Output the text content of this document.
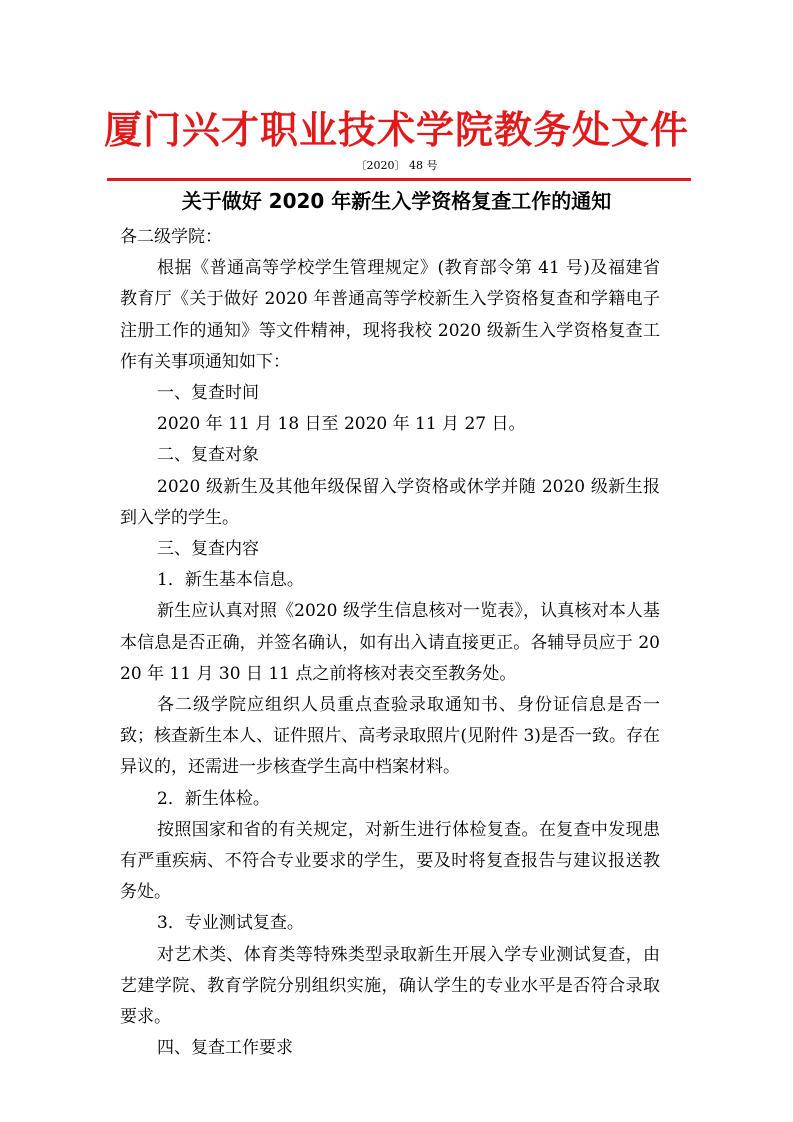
厦门兴才职业技术学院教务处文件
〔2020〕 48 号
关于做好 2020 年新生入学资格复查工作的通知

各二级学院：

根据《普通高等学校学生管理规定》(教育部令第 41 号)及福建省教育厅《关于做好 2020 年普通高等学校新生入学资格复查和学籍电子注册工作的通知》等文件精神，现将我校 2020 级新生入学资格复查工作有关事项通知如下：

一、复查时间

2020 年 11 月 18 日至 2020 年 11 月 27 日。

二、复查对象

2020 级新生及其他年级保留入学资格或休学并随 2020 级新生报到入学的学生。

三、复查内容

1．新生基本信息。

新生应认真对照《2020 级学生信息核对一览表》，认真核对本人基本信息是否正确，并签名确认，如有出入请直接更正。各辅导员应于 2020 年 11 月 30 日 11 点之前将核对表交至教务处。

各二级学院应组织人员重点查验录取通知书、身份证信息是否一致；核查新生本人、证件照片、高考录取照片(见附件 3)是否一致。存在异议的，还需进一步核查学生高中档案材料。

2．新生体检。

按照国家和省的有关规定，对新生进行体检复查。在复查中发现患有严重疾病、不符合专业要求的学生，要及时将复查报告与建议报送教务处。

3．专业测试复查。

对艺术类、体育类等特殊类型录取新生开展入学专业测试复查，由艺建学院、教育学院分别组织实施，确认学生的专业水平是否符合录取要求。

四、复查工作要求
